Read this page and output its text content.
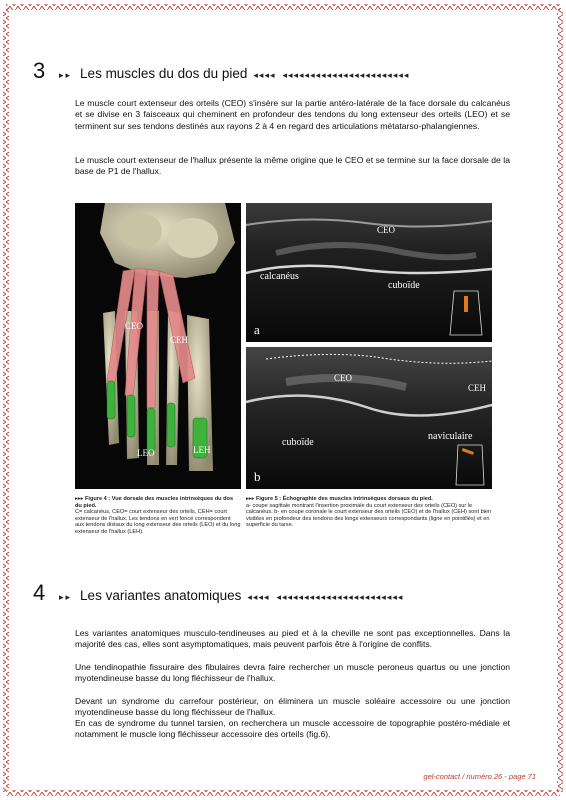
3	▸▸ Les muscles du dos du pied ◂◂◂◂  ◂◂◂◂◂◂◂◂◂◂◂◂◂◂◂◂◂◂◂◂◂◂◂

Le muscle court extenseur des orteils (CEO) s'insère sur la partie antéro-latérale de la face dorsale du calcanéus et se divise en 3 faisceaux qui cheminent en profondeur des tendons du long extenseur des orteils (LEO) et se terminent sur ses tendons destinés aux rayons 2 à 4 en regard des articulations métatarso-phalangiennes.

Le muscle court extenseur de l'hallux présente la même origine que le CEO et se termine sur la face dorsale de la base de P1 de l'hallux.

CEO
CEH
LEO	LEH
CEO
calcanéus
cuboïde
a
CEO
CEH
cuboïde
naviculaire
b

▸▸▸ Figure 4 : Vue dorsale des muscles intrinsèques du dos du pied.
C= calcanéus, CEO= court extenseur des orteils, CEH= court extenseur de l'hallux. Les tendons en vert foncé correspondent aux tendons distaux du long extenseur des orteils (LEO) et du long extenseur de l'hallux (LEH).

▸▸▸ Figure 5 : Échographie des muscles intrinsèques dorsaux du pied.
a- coupe sagittale montrant l'insertion proximale du court extenseur des orteils (CEO) sur le calcanéus. b- en coupe coronale le court extenseur des orteils (CEO) et de l'hallux (CEH) sont bien visibles en profondeur des tendons des longs extenseurs correspondants (ligne en pointillés) et en superficie du tarse.

4	▸▸ Les variantes anatomiques ◂◂◂◂  ◂◂◂◂◂◂◂◂◂◂◂◂◂◂◂◂◂◂◂◂◂◂◂

Les variantes anatomiques musculo-tendineuses au pied et à la cheville ne sont pas exceptionnelles. Dans la majorité des cas, elles sont asymptomatiques, mais peuvent parfois être à l'origine de conflits.

Une tendinopathie fissuraire des fibulaires devra faire rechercher un muscle peroneus quartus ou une jonction myotendineuse basse du long fléchisseur de l'hallux.

Devant un syndrome du carrefour postérieur, on éliminera un muscle soléaire accessoire ou une jonction myotendineuse basse du long fléchisseur de l'hallux.

En cas de syndrome du tunnel tarsien, on recherchera un muscle accessoire de topographie postéro-médiale et notamment le muscle long fléchisseur accessoire des orteils (fig.6).

gel-contact / numéro 26 - page 71
